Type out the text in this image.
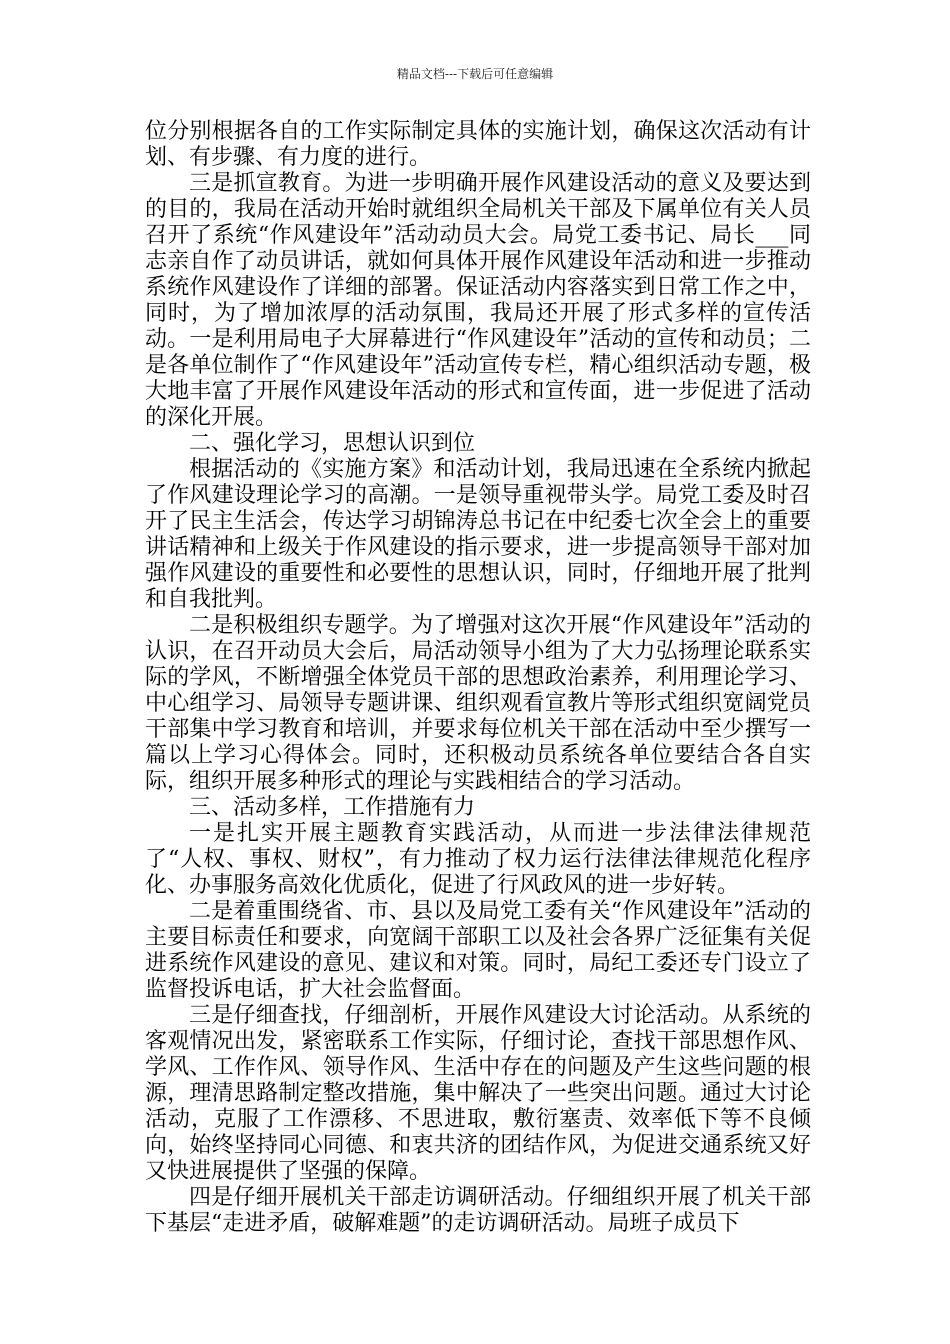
精品文档---下载后可任意编辑

位分别根据各自的工作实际制定具体的实施计划，确保这次活动有计划、有步骤、有力度的进行。

三是抓宣教育。为进一步明确开展作风建设活动的意义及要达到的目的，我局在活动开始时就组织全局机关干部及下属单位有关人员召开了系统“作风建设年”活动动员大会。局党工委书记、局长___同志亲自作了动员讲话，就如何具体开展作风建设年活动和进一步推动系统作风建设作了详细的部署。保证活动内容落实到日常工作之中，同时，为了增加浓厚的活动氛围，我局还开展了形式多样的宣传活动。一是利用局电子大屏幕进行“作风建设年”活动的宣传和动员；二是各单位制作了“作风建设年”活动宣传专栏，精心组织活动专题，极大地丰富了开展作风建设年活动的形式和宣传面，进一步促进了活动的深化开展。

二、强化学习，思想认识到位

根据活动的《实施方案》和活动计划，我局迅速在全系统内掀起了作风建设理论学习的高潮。一是领导重视带头学。局党工委及时召开了民主生活会，传达学习胡锦涛总书记在中纪委七次全会上的重要讲话精神和上级关于作风建设的指示要求，进一步提高领导干部对加强作风建设的重要性和必要性的思想认识，同时，仔细地开展了批判和自我批判。

二是积极组织专题学。为了增强对这次开展“作风建设年”活动的认识，在召开动员大会后，局活动领导小组为了大力弘扬理论联系实际的学风，不断增强全体党员干部的思想政治素养，利用理论学习、中心组学习、局领导专题讲课、组织观看宣教片等形式组织宽阔党员干部集中学习教育和培训，并要求每位机关干部在活动中至少撰写一篇以上学习心得体会。同时，还积极动员系统各单位要结合各自实际，组织开展多种形式的理论与实践相结合的学习活动。

三、活动多样，工作措施有力

一是扎实开展主题教育实践活动，从而进一步法律法律规范了“人权、事权、财权”，有力推动了权力运行法律法律规范化程序化、办事服务高效化优质化，促进了行风政风的进一步好转。

二是着重围绕省、市、县以及局党工委有关“作风建设年”活动的主要目标责任和要求，向宽阔干部职工以及社会各界广泛征集有关促进系统作风建设的意见、建议和对策。同时，局纪工委还专门设立了监督投诉电话，扩大社会监督面。

三是仔细查找，仔细剖析，开展作风建设大讨论活动。从系统的客观情况出发，紧密联系工作实际，仔细讨论，查找干部思想作风、学风、工作作风、领导作风、生活中存在的问题及产生这些问题的根源，理清思路制定整改措施，集中解决了一些突出问题。通过大讨论活动，克服了工作漂移、不思进取，敷衍塞责、效率低下等不良倾向，始终坚持同心同德、和衷共济的团结作风，为促进交通系统又好又快进展提供了坚强的保障。

四是仔细开展机关干部走访调研活动。仔细组织开展了机关干部下基层“走进矛盾，破解难题”的走访调研活动。局班子成员下
